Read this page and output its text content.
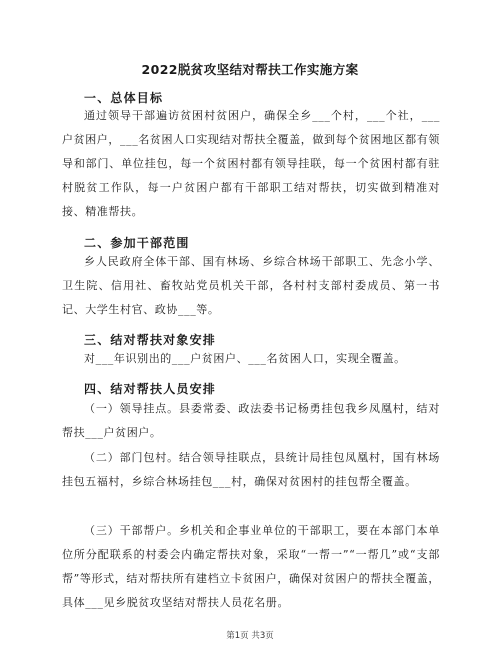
2022脱贫攻坚结对帮扶工作实施方案
一、总体目标

通过领导干部遍访贫困村贫困户，确保全乡___个村，___个社，___户贫困户，___名贫困人口实现结对帮扶全覆盖，做到每个贫困地区都有领导和部门、单位挂包，每一个贫困村都有领导挂联，每一个贫困村都有驻村脱贫工作队，每一户贫困户都有干部职工结对帮扶，切实做到精准对接、精准帮扶。

二、参加干部范围

乡人民政府全体干部、国有林场、乡综合林场干部职工、先念小学、卫生院、信用社、畜牧站党员机关干部，各村村支部村委成员、第一书记、大学生村官、政协___等。

三、结对帮扶对象安排

对___年识别出的___户贫困户、___名贫困人口，实现全覆盖。

四、结对帮扶人员安排

（一）领导挂点。县委常委、政法委书记杨勇挂包我乡凤凰村，结对帮扶___户贫困户。

（二）部门包村。结合领导挂联点，县统计局挂包凤凰村，国有林场挂包五福村，乡综合林场挂包___村，确保对贫困村的挂包帮全覆盖。

（三）干部帮户。乡机关和企事业单位的干部职工，要在本部门本单位所分配联系的村委会内确定帮扶对象，采取“一帮一”“一帮几”或“支部帮”等形式，结对帮扶所有建档立卡贫困户，确保对贫困户的帮扶全覆盖，具体___见乡脱贫攻坚结对帮扶人员花名册。

第1页 共3页
